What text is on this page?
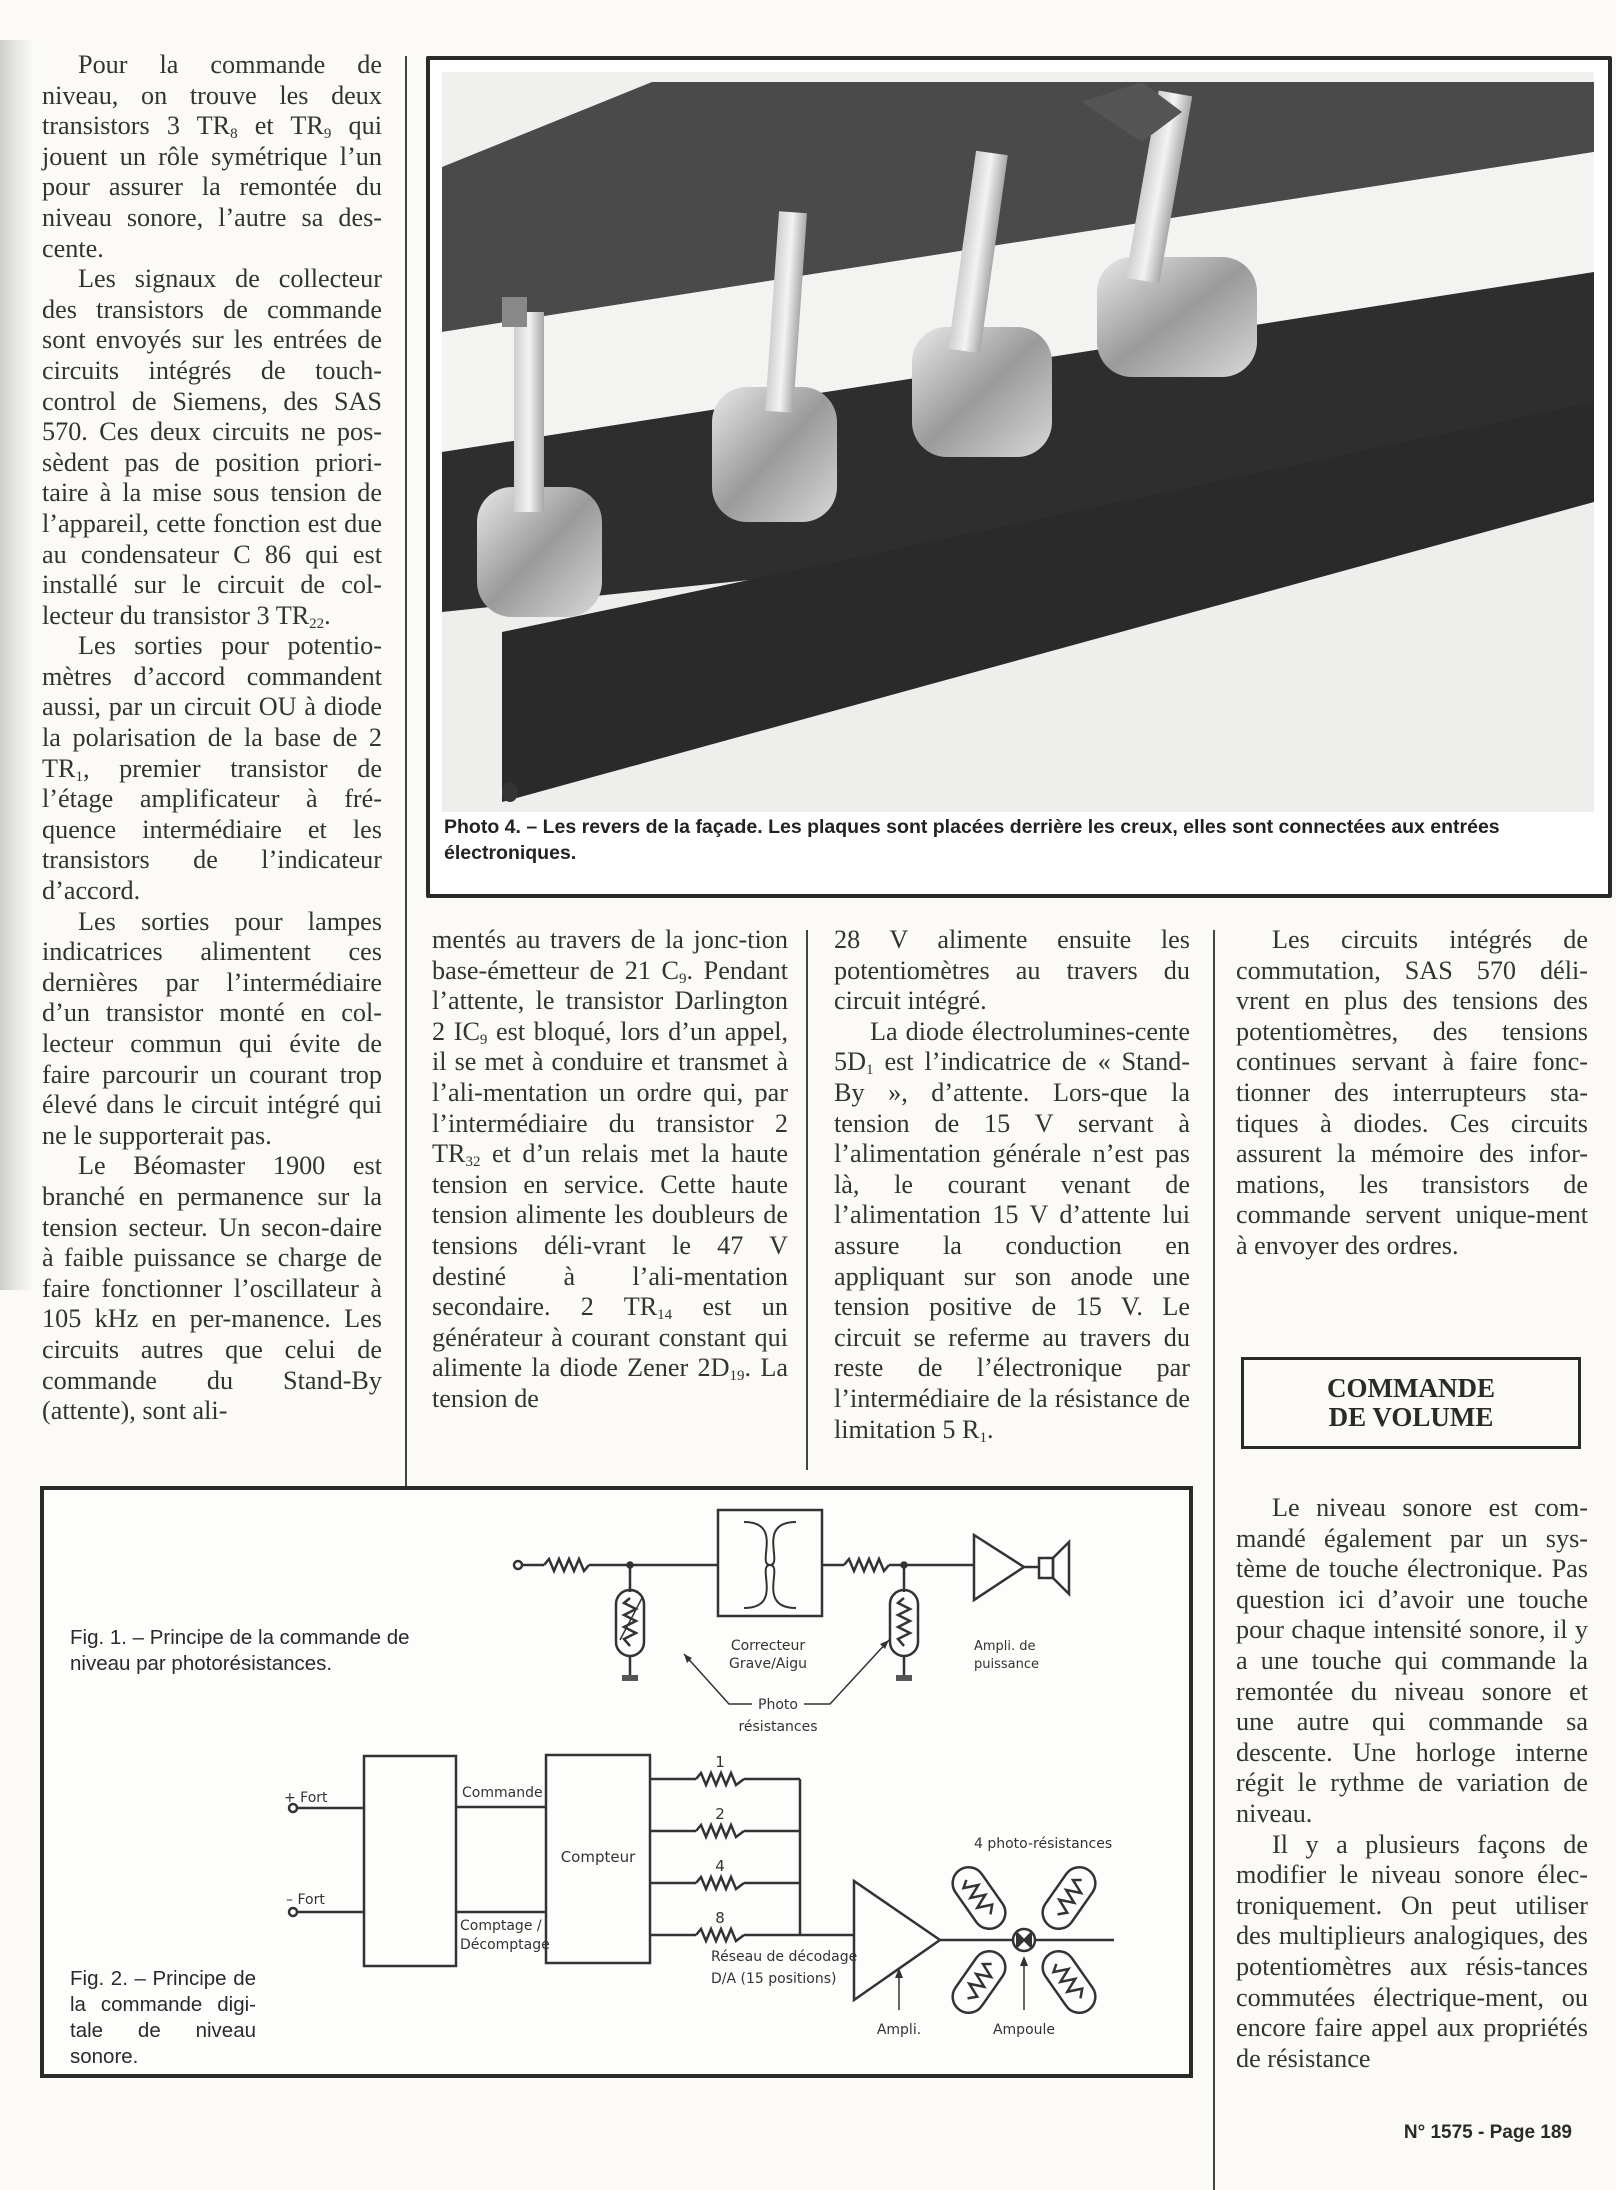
Pour la commande de niveau, on trouve les deux transistors 3 $TR_8$ et $TR_9$ qui jouent un rôle symétrique l’un pour assurer la remontée du niveau sonore, l’autre sa des-cente.

Les signaux de collecteur des transistors de commande sont envoyés sur les entrées de circuits intégrés de touch-control de Siemens, des SAS 570. Ces deux circuits ne pos-sèdent pas de position priori-taire à la mise sous tension de l’appareil, cette fonction est due au condensateur C 86 qui est installé sur le circuit de col-lecteur du transistor 3 $TR_{22}$.

Les sorties pour potentio-mètres d’accord commandent aussi, par un circuit OU à diode la polarisation de la base de 2 $TR_1$, premier transistor de l’étage amplificateur à fré-quence intermédiaire et les transistors de l’indicateur d’accord.

Les sorties pour lampes indicatrices alimentent ces dernières par l’intermédiaire d’un transistor monté en col-lecteur commun qui évite de faire parcourir un courant trop élevé dans le circuit intégré qui ne le supporterait pas.

Le Béomaster 1900 est branché en permanence sur la tension secteur. Un secon-daire à faible puissance se charge de faire fonctionner l’oscillateur à 105 kHz en per-manence. Les circuits autres que celui de commande du Stand-By (attente), sont ali-

Photo 4. – Les revers de la façade. Les plaques sont placées derrière les creux, elles sont connectées aux entrées
électroniques.

mentés au travers de la jonc-tion base-émetteur de 21 $C_9$. Pendant l’attente, le transistor Darlington 2 $IC_9$ est bloqué, lors d’un appel, il se met à conduire et transmet à l’ali-mentation un ordre qui, par l’intermédiaire du transistor 2 $TR_{32}$ et d’un relais met la haute tension en service. Cette haute tension alimente les doubleurs de tensions déli-vrant le 47 V destiné à l’ali-mentation secondaire. 2 $TR_{14}$ est un générateur à courant constant qui alimente la diode Zener $2D_{19}$. La tension de

28 V alimente ensuite les potentiomètres au travers du circuit intégré.

La diode électrolumines-cente $5D_1$ est l’indicatrice de « Stand-By », d’attente. Lors-que la tension de 15 V servant à l’alimentation générale n’est pas là, le courant venant de l’alimentation 15 V d’attente lui assure la conduction en appliquant sur son anode une tension positive de 15 V. Le circuit se referme au travers du reste de l’électronique par l’intermédiaire de la résistance de limitation 5 $R_1$.

Les circuits intégrés de commutation, SAS 570 déli-vrent en plus des tensions des potentiomètres, des tensions continues servant à faire fonc-tionner des interrupteurs sta-tiques à diodes. Ces circuits assurent la mémoire des infor-mations, les transistors de commande servent unique-ment à envoyer des ordres.

COMMANDE
DE VOLUME

Le niveau sonore est com-mandé également par un sys-tème de touche électronique. Pas question ici d’avoir une touche pour chaque intensité sonore, il y a une touche qui commande la remontée du niveau sonore et une autre qui commande sa descente. Une horloge interne régit le rythme de variation de niveau.

Il y a plusieurs façons de modifier le niveau sonore élec-troniquement. On peut utiliser des multiplieurs analogiques, des potentiomètres aux résis-tances commutées électrique-ment, ou encore faire appel aux propriétés de résistance

Fig. 1. – Principe de la commande de
niveau par photorésistances.
Fig. 2. – Principe de
la commande digi-
tale de niveau
sonore.
Correcteur
Grave/Aigu
Ampli. de
puissance
Photo
résistances
+ Fort
– Fort
Commande
Comptage /
Décomptage
Compteur
1
2
4
8
Réseau de décodage
D/A (15 positions)
Ampli.	Ampoule
4 photo-résistances
N° 1575 - Page 189
